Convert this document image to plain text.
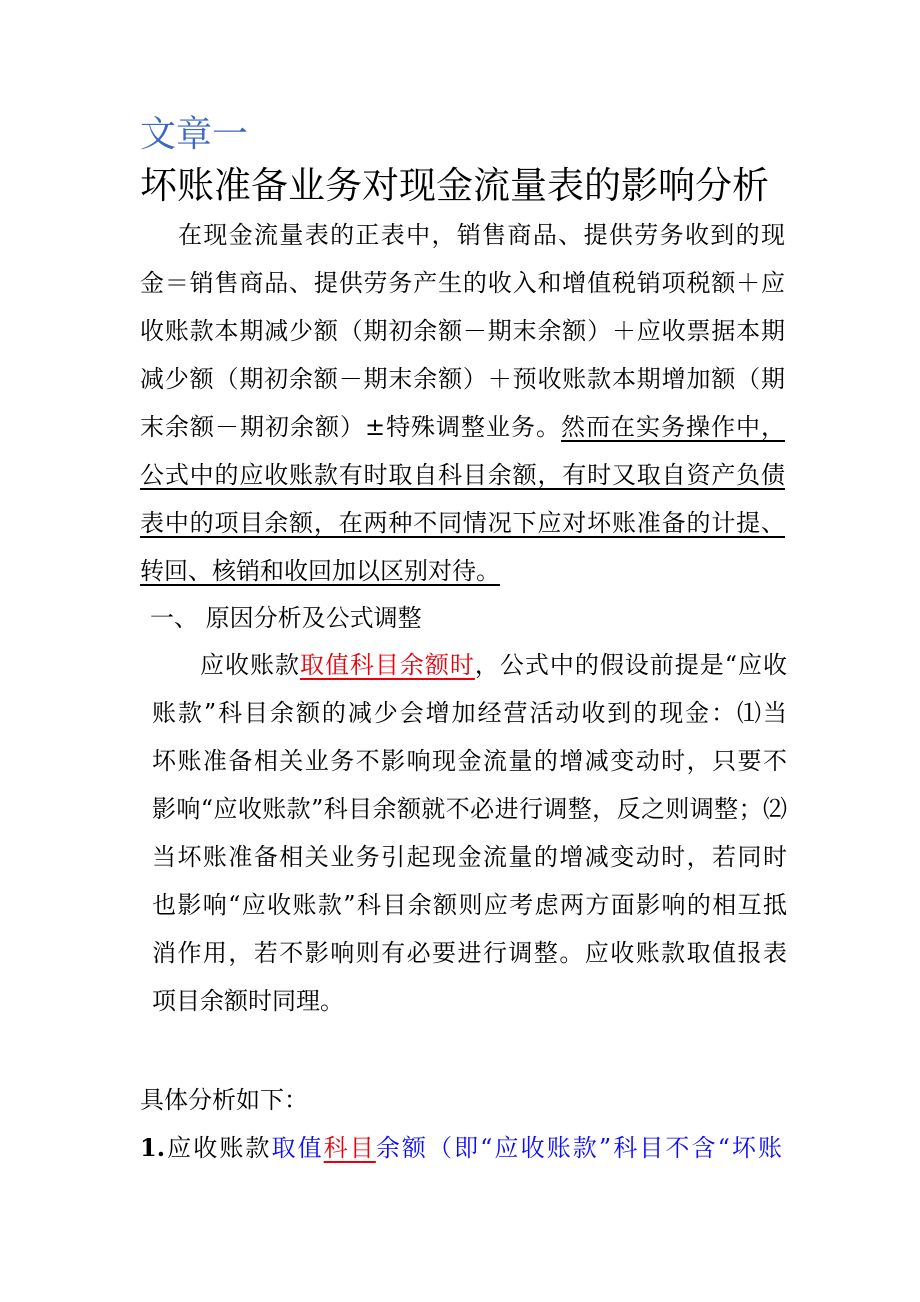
文章一
坏账准备业务对现金流量表的影响分析
在现金流量表的正表中，销售商品、提供劳务收到的现
金＝销售商品、提供劳务产生的收入和增值税销项税额＋应
收账款本期减少额（期初余额－期末余额）＋应收票据本期
减少额（期初余额－期末余额）＋预收账款本期增加额（期
末余额－期初余额）±特殊调整业务。然而在实务操作中，
公式中的应收账款有时取自科目余额，有时又取自资产负债
表中的项目余额，在两种不同情况下应对坏账准备的计提、
转回、核销和收回加以区别对待。
一、 原因分析及公式调整
应收账款取值科目余额时，公式中的假设前提是“应收
账款”科目余额的减少会增加经营活动收到的现金：⑴当
坏账准备相关业务不影响现金流量的增减变动时，只要不
影响“应收账款”科目余额就不必进行调整，反之则调整；⑵
当坏账准备相关业务引起现金流量的增减变动时，若同时
也影响“应收账款”科目余额则应考虑两方面影响的相互抵
消作用，若不影响则有必要进行调整。应收账款取值报表
项目余额时同理。
具体分析如下：
1.应收账款取值科目余额（即“应收账款”科目不含“坏账
